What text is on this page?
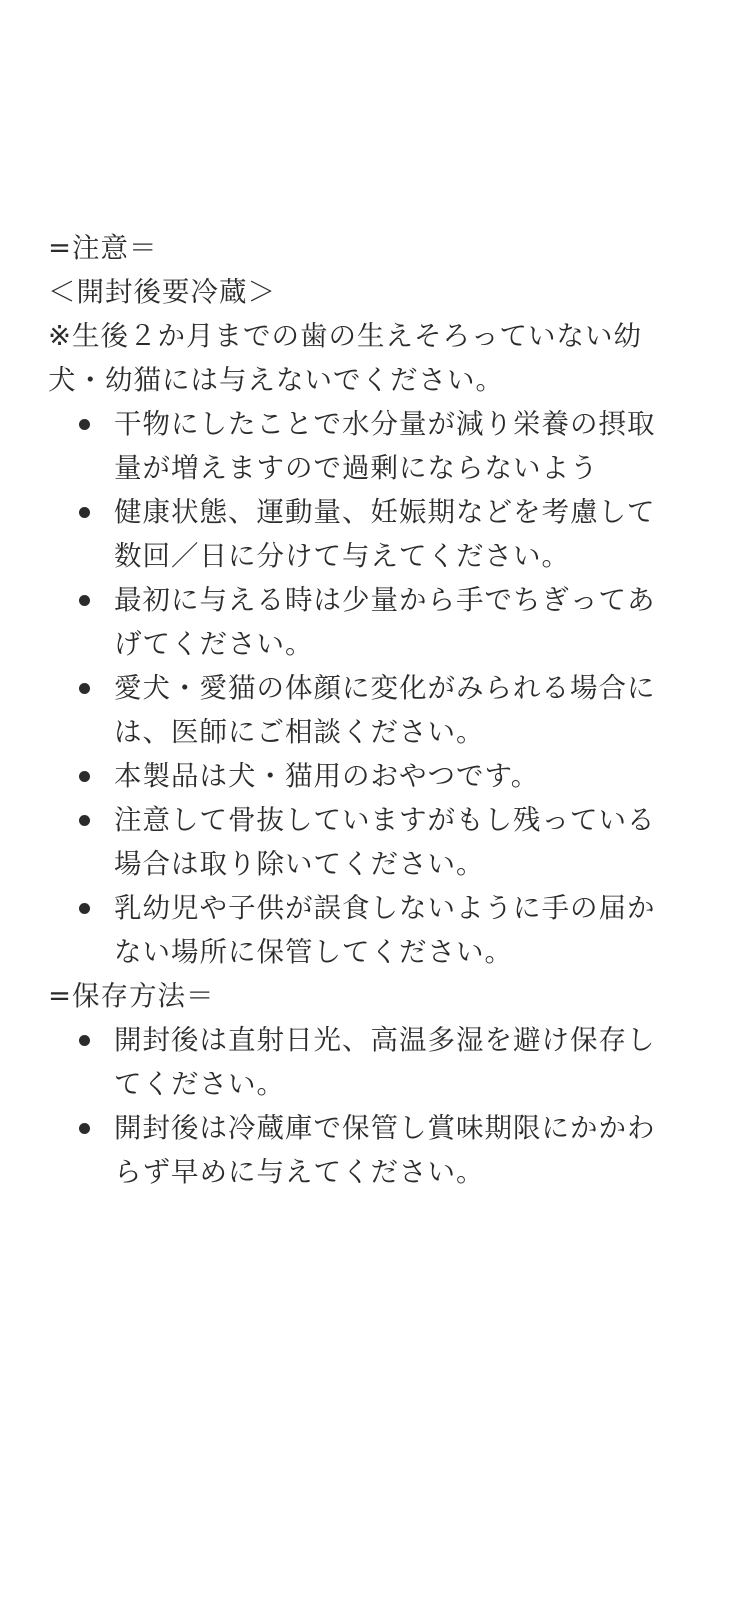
=注意＝
＜開封後要冷蔵＞
※生後２か月までの歯の生えそろっていない幼
犬・幼猫には与えないでください。
干物にしたことで水分量が減り栄養の摂取
量が増えますので過剰にならないよう
健康状態、運動量、妊娠期などを考慮して
数回／日に分けて与えてください。
最初に与える時は少量から手でちぎってあ
げてください。
愛犬・愛猫の体顔に変化がみられる場合に
は、医師にご相談ください。
本製品は犬・猫用のおやつです。
注意して骨抜していますがもし残っている
場合は取り除いてください。
乳幼児や子供が誤食しないように手の届か
ない場所に保管してください。
=保存方法＝
開封後は直射日光、高温多湿を避け保存し
てください。
開封後は冷蔵庫で保管し賞味期限にかかわ
らず早めに与えてください。
